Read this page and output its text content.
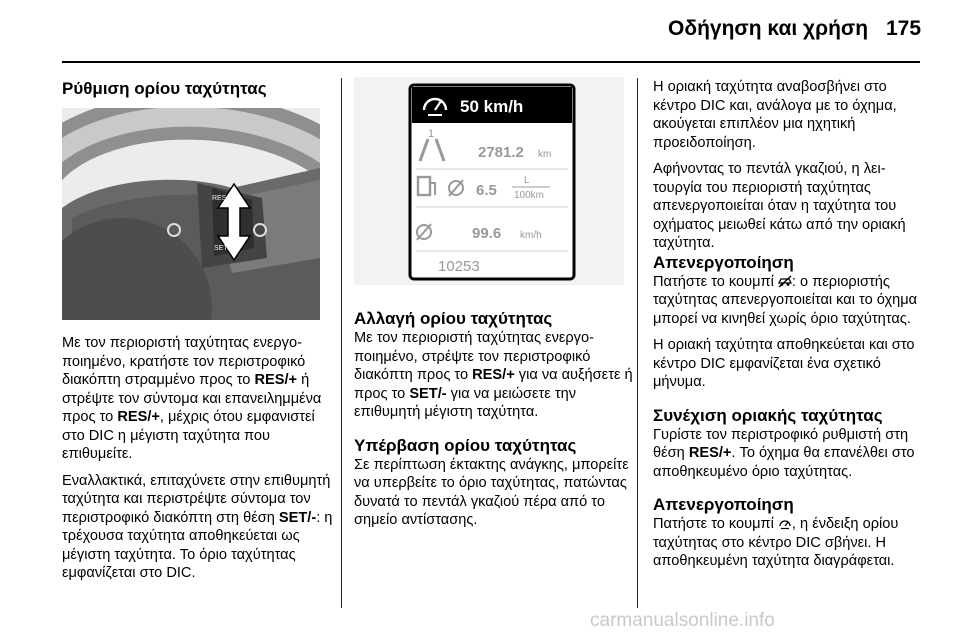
Οδήγηση και χρήση 175
Ρύθμιση ορίου ταχύτητας
RES/+
SET/-

Με τον περιοριστή ταχύτητας ενεργοποιημένο, κρατήστε τον περιστροφικό διακόπτη στραμμένο προς το RES/+ ή στρέψτε τον σύντομα και επανειλημμένα προς το RES/+, μέχρις ότου εμφανιστεί στο DIC η μέγιστη ταχύτητα που επιθυμείτε.

Εναλλακτικά, επιταχύνετε στην επιθυμητή ταχύτητα και περιστρέψτε σύντομα τον περιστροφικό διακόπτη στη θέση SET/-: η τρέχουσα ταχύτητα αποθηκεύεται ως μέγιστη ταχύτητα. Το όριο ταχύτητας εμφανίζεται στο DIC.

50 km/h
1
2781.2 km
6.5
L
100km
99.6 km/h
10253
Αλλαγή ορίου ταχύτητας

Με τον περιοριστή ταχύτητας ενεργοποιημένο, στρέψτε τον περιστροφικό διακόπτη προς το RES/+ για να αυξήσετε ή προς το SET/- για να μειώσετε την επιθυμητή μέγιστη ταχύτητα.

Υπέρβαση ορίου ταχύτητας

Σε περίπτωση έκτακτης ανάγκης, μπορείτε να υπερβείτε το όριο ταχύτητας, πατώντας δυνατά το πεντάλ γκαζιού πέρα από το σημείο αντίστασης.

Η οριακή ταχύτητα αναβοσβήνει στο κέντρο DIC και, ανάλογα με το όχημα, ακούγεται επιπλέον μια ηχητική προειδοποίηση.

Αφήνοντας το πεντάλ γκαζιού, η λειτουργία του περιοριστή ταχύτητας απενεργοποιείται όταν η ταχύτητα του οχήματος μειωθεί κάτω από την οριακή ταχύτητα.

Απενεργοποίηση

Πατήστε το κουμπί : ο περιοριστής ταχύτητας απενεργοποιείται και το όχημα μπορεί να κινηθεί χωρίς όριο ταχύτητας.

Η οριακή ταχύτητα αποθηκεύεται και στο κέντρο DIC εμφανίζεται ένα σχετικό μήνυμα.

Συνέχιση οριακής ταχύτητας

Γυρίστε τον περιστροφικό ρυθμιστή στη θέση RES/+. Το όχημα θα επανέλθει στο αποθηκευμένο όριο ταχύτητας.

Απενεργοποίηση

Πατήστε το κουμπί , η ένδειξη ορίου ταχύτητας στο κέντρο DIC σβήνει. Η αποθηκευμένη ταχύτητα διαγράφεται.

carmanualsonline.info
